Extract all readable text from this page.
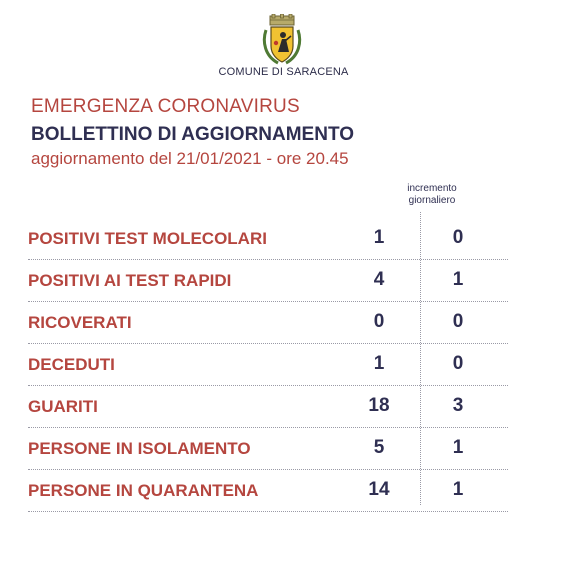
COMUNE DI SARACENA
EMERGENZA CORONAVIRUS
BOLLETTINO DI AGGIORNAMENTO
aggiornamento del 21/01/2021 - ore 20.45
incremento
giornaliero
POSITIVI TEST MOLECOLARI	1	0
POSITIVI AI TEST RAPIDI	4	1
RICOVERATI	0	0
DECEDUTI	1	0
GUARITI	18	3
PERSONE IN ISOLAMENTO	5	1
PERSONE IN QUARANTENA	14	1
